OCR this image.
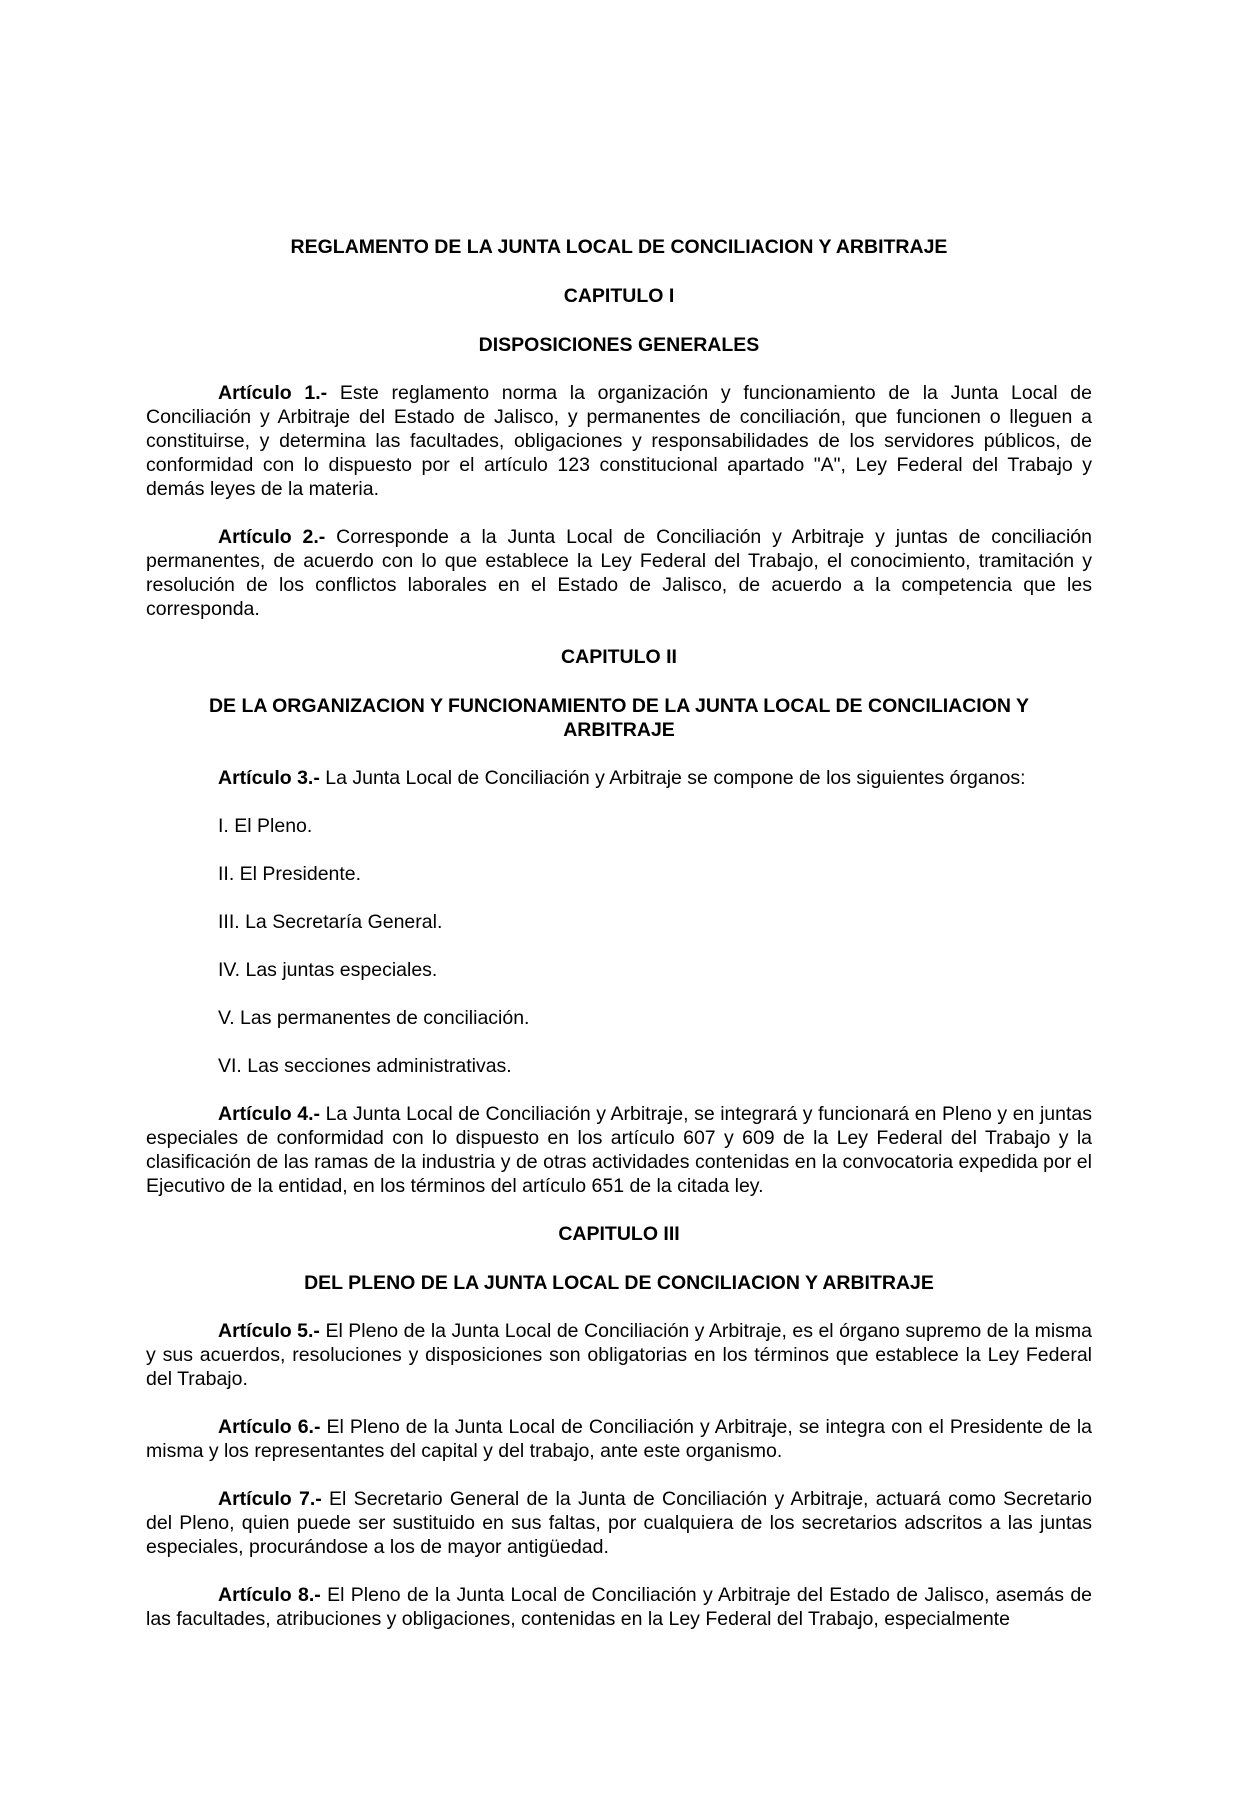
REGLAMENTO DE LA JUNTA LOCAL DE CONCILIACION Y ARBITRAJE

CAPITULO I

DISPOSICIONES GENERALES

Artículo 1.- Este reglamento norma la organización y funcionamiento de la Junta Local de Conciliación y Arbitraje del Estado de Jalisco, y permanentes de conciliación, que funcionen o lleguen a constituirse, y determina las facultades, obligaciones y responsabilidades de los servidores públicos, de conformidad con lo dispuesto por el artículo 123 constitucional apartado "A", Ley Federal del Trabajo y demás leyes de la materia.

Artículo 2.- Corresponde a la Junta Local de Conciliación y Arbitraje y juntas de conciliación permanentes, de acuerdo con lo que establece la Ley Federal del Trabajo, el conocimiento, tramitación y resolución de los conflictos laborales en el Estado de Jalisco, de acuerdo a la competencia que les corresponda.

CAPITULO II

DE LA ORGANIZACION Y FUNCIONAMIENTO DE LA JUNTA LOCAL DE CONCILIACION Y
ARBITRAJE

Artículo 3.- La Junta Local de Conciliación y Arbitraje se compone de los siguientes órganos:

I. El Pleno.

II. El Presidente.

III. La Secretaría General.

IV. Las juntas especiales.

V. Las permanentes de conciliación.

VI. Las secciones administrativas.

Artículo 4.- La Junta Local de Conciliación y Arbitraje, se integrará y funcionará en Pleno y en juntas especiales de conformidad con lo dispuesto en los artículo 607 y 609 de la Ley Federal del Trabajo y la clasificación de las ramas de la industria y de otras actividades contenidas en la convocatoria expedida por el Ejecutivo de la entidad, en los términos del artículo 651 de la citada ley.

CAPITULO III

DEL PLENO DE LA JUNTA LOCAL DE CONCILIACION Y ARBITRAJE

Artículo 5.- El Pleno de la Junta Local de Conciliación y Arbitraje, es el órgano supremo de la misma y sus acuerdos, resoluciones y disposiciones son obligatorias en los términos que establece la Ley Federal del Trabajo.

Artículo 6.- El Pleno de la Junta Local de Conciliación y Arbitraje, se integra con el Presidente de la misma y los representantes del capital y del trabajo, ante este organismo.

Artículo 7.- El Secretario General de la Junta de Conciliación y Arbitraje, actuará como Secretario del Pleno, quien puede ser sustituido en sus faltas, por cualquiera de los secretarios adscritos a las juntas especiales, procurándose a los de mayor antigüedad.

Artículo 8.- El Pleno de la Junta Local de Conciliación y Arbitraje del Estado de Jalisco, asemás de las facultades, atribuciones y obligaciones, contenidas en la Ley Federal del Trabajo, especialmente
